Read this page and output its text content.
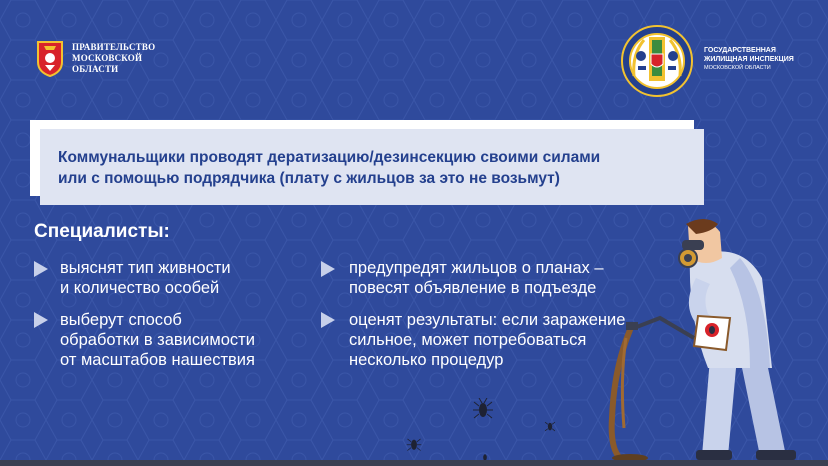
ПРАВИТЕЛЬСТВО
МОСКОВСКОЙ
ОБЛАСТИ
ГОСУДАРСТВЕННАЯ
ЖИЛИЩНАЯ ИНСПЕКЦИЯ
МОСКОВСКОЙ ОБЛАСТИ
Коммунальщики проводят дератизацию/дезинсекцию своими силами
или с помощью подрядчика (плату с жильцов за это не возьмут)
Специалисты:
выяснят тип живности
и количество особей
выберут способ
обработки в зависимости
от масштабов нашествия
предупредят жильцов о планах –
повесят объявление в подъезде
оценят результаты: если заражение
сильное, может потребоваться
несколько процедур
